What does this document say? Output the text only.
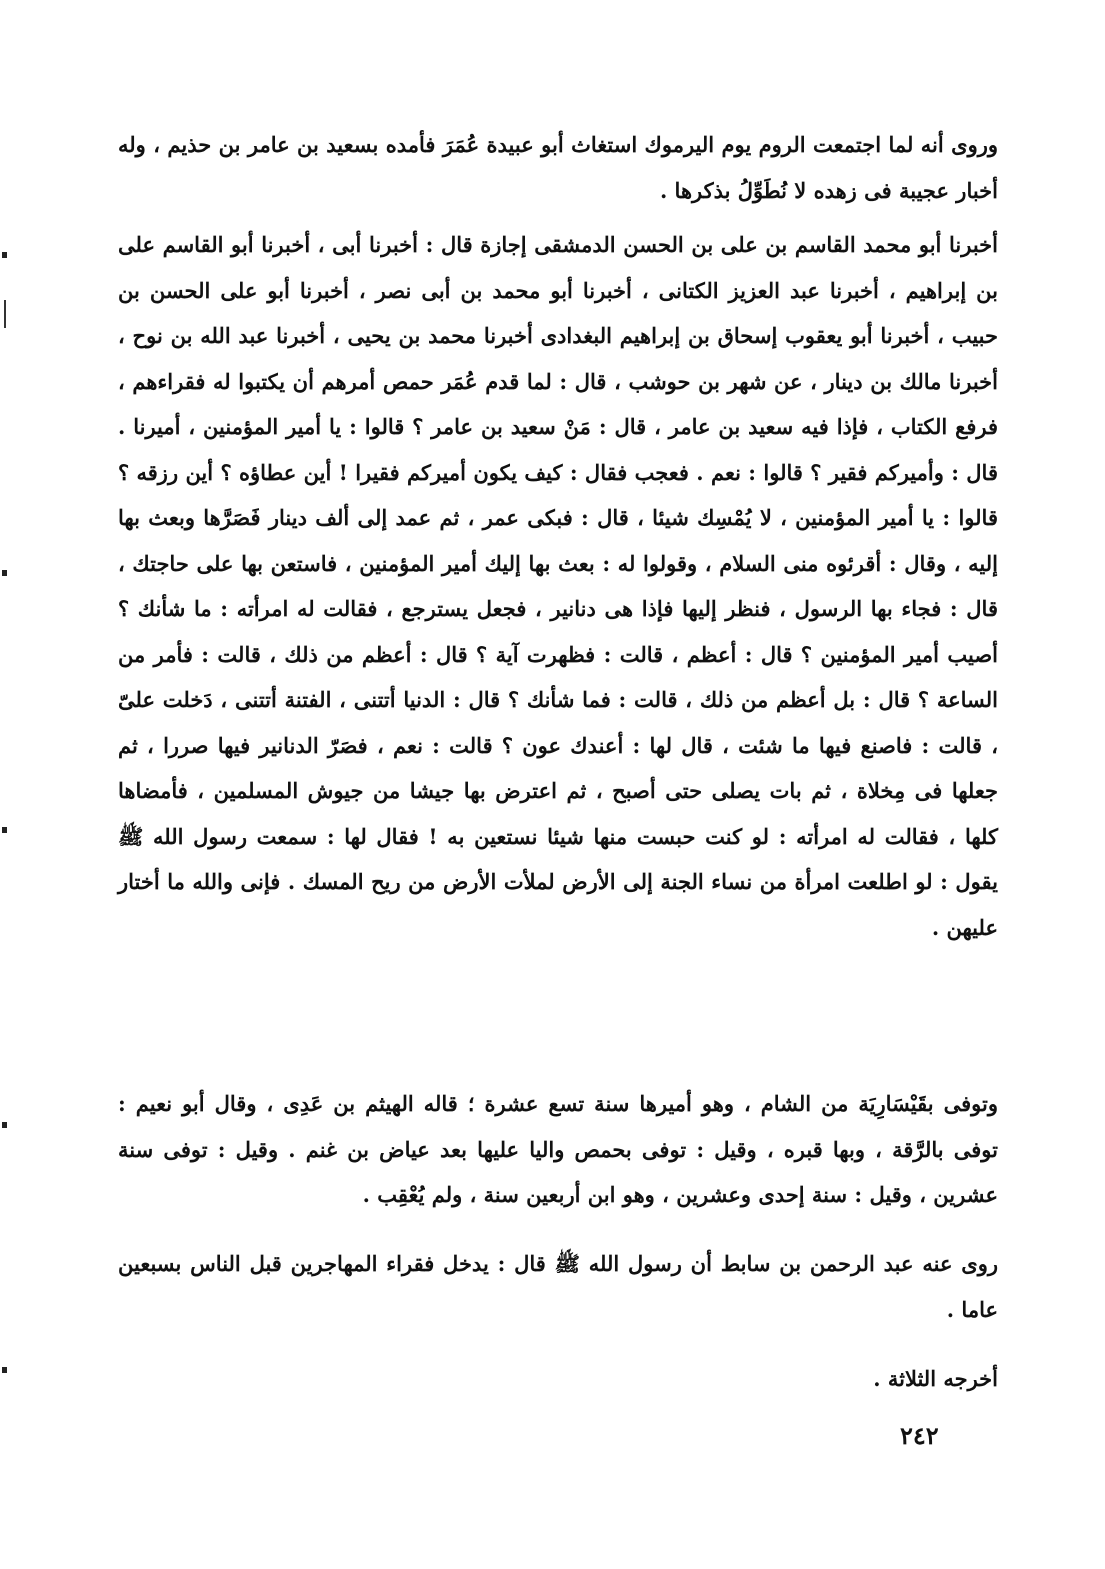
وروى أنه لما اجتمعت الروم يوم اليرموك استغاث أبو عبيدة عُمَرَ فأمده بسعيد بن عامر بن حذيم ، وله أخبار عجيبة فى زهده لا نُطَوِّلُ بذكرها .

أخبرنا أبو محمد القاسم بن على بن الحسن الدمشقى إجازة قال : أخبرنا أبى ، أخبرنا أبو القاسم على بن إبراهيم ، أخبرنا عبد العزيز الكتانى ، أخبرنا أبو محمد بن أبى نصر ، أخبرنا أبو على الحسن بن حبيب ، أخبرنا أبو يعقوب إسحاق بن إبراهيم البغدادى أخبرنا محمد بن يحيى ، أخبرنا عبد الله بن نوح ، أخبرنا مالك بن دينار ، عن شهر بن حوشب ، قال : لما قدم عُمَر حمص أمرهم أن يكتبوا له فقراءهم ، فرفع الكتاب ، فإذا فيه سعيد بن عامر ، قال : مَنْ سعيد بن عامر ؟ قالوا : يا أمير المؤمنين ، أميرنا . قال : وأميركم فقير ؟ قالوا : نعم . فعجب فقال : كيف يكون أميركم فقيرا ! أين عطاؤه ؟ أين رزقه ؟ قالوا : يا أمير المؤمنين ، لا يُمْسِك شيئا ، قال : فبكى عمر ، ثم عمد إلى ألف دينار فَصَرَّها وبعث بها إليه ، وقال : أقرئوه منى السلام ، وقولوا له : بعث بها إليك أمير المؤمنين ، فاستعن بها على حاجتك ، قال : فجاء بها الرسول ، فنظر إليها فإذا هى دنانير ، فجعل يسترجع ، فقالت له امرأته : ما شأنك ؟ أصيب أمير المؤمنين ؟ قال : أعظم ، قالت : فظهرت آية ؟ قال : أعظم من ذلك ، قالت : فأمر من الساعة ؟ قال : بل أعظم من ذلك ، قالت : فما شأنك ؟ قال : الدنيا أتتنى ، الفتنة أتتنى ، دَخلت علىّ ، قالت : فاصنع فيها ما شئت ، قال لها : أعندك عون ؟ قالت : نعم ، فصَرّ الدنانير فيها صررا ، ثم جعلها فى مِخلاة ، ثم بات يصلى حتى أصبح ، ثم اعترض بها جيشا من جيوش المسلمين ، فأمضاها كلها ، فقالت له امرأته : لو كنت حبست منها شيئا نستعين به ! فقال لها : سمعت رسول الله ﷺ يقول : لو اطلعت امرأة من نساء الجنة إلى الأرض لملأت الأرض من ريح المسك . فإنى والله ما أختار عليهن .

وتوفى بقَيْسَارِيَة من الشام ، وهو أميرها سنة تسع عشرة ؛ قاله الهيثم بن عَدِى ، وقال أبو نعيم : توفى بالرَّقة ، وبها قبره ، وقيل : توفى بحمص واليا عليها بعد عياض بن غنم . وقيل : توفى سنة عشرين ، وقيل : سنة إحدى وعشرين ، وهو ابن أربعين سنة ، ولم يُعْقِب .

روى عنه عبد الرحمن بن سابط أن رسول الله ﷺ قال : يدخل فقراء المهاجرين قبل الناس بسبعين عاما .

أخرجه الثلاثة .

٢٤٢
